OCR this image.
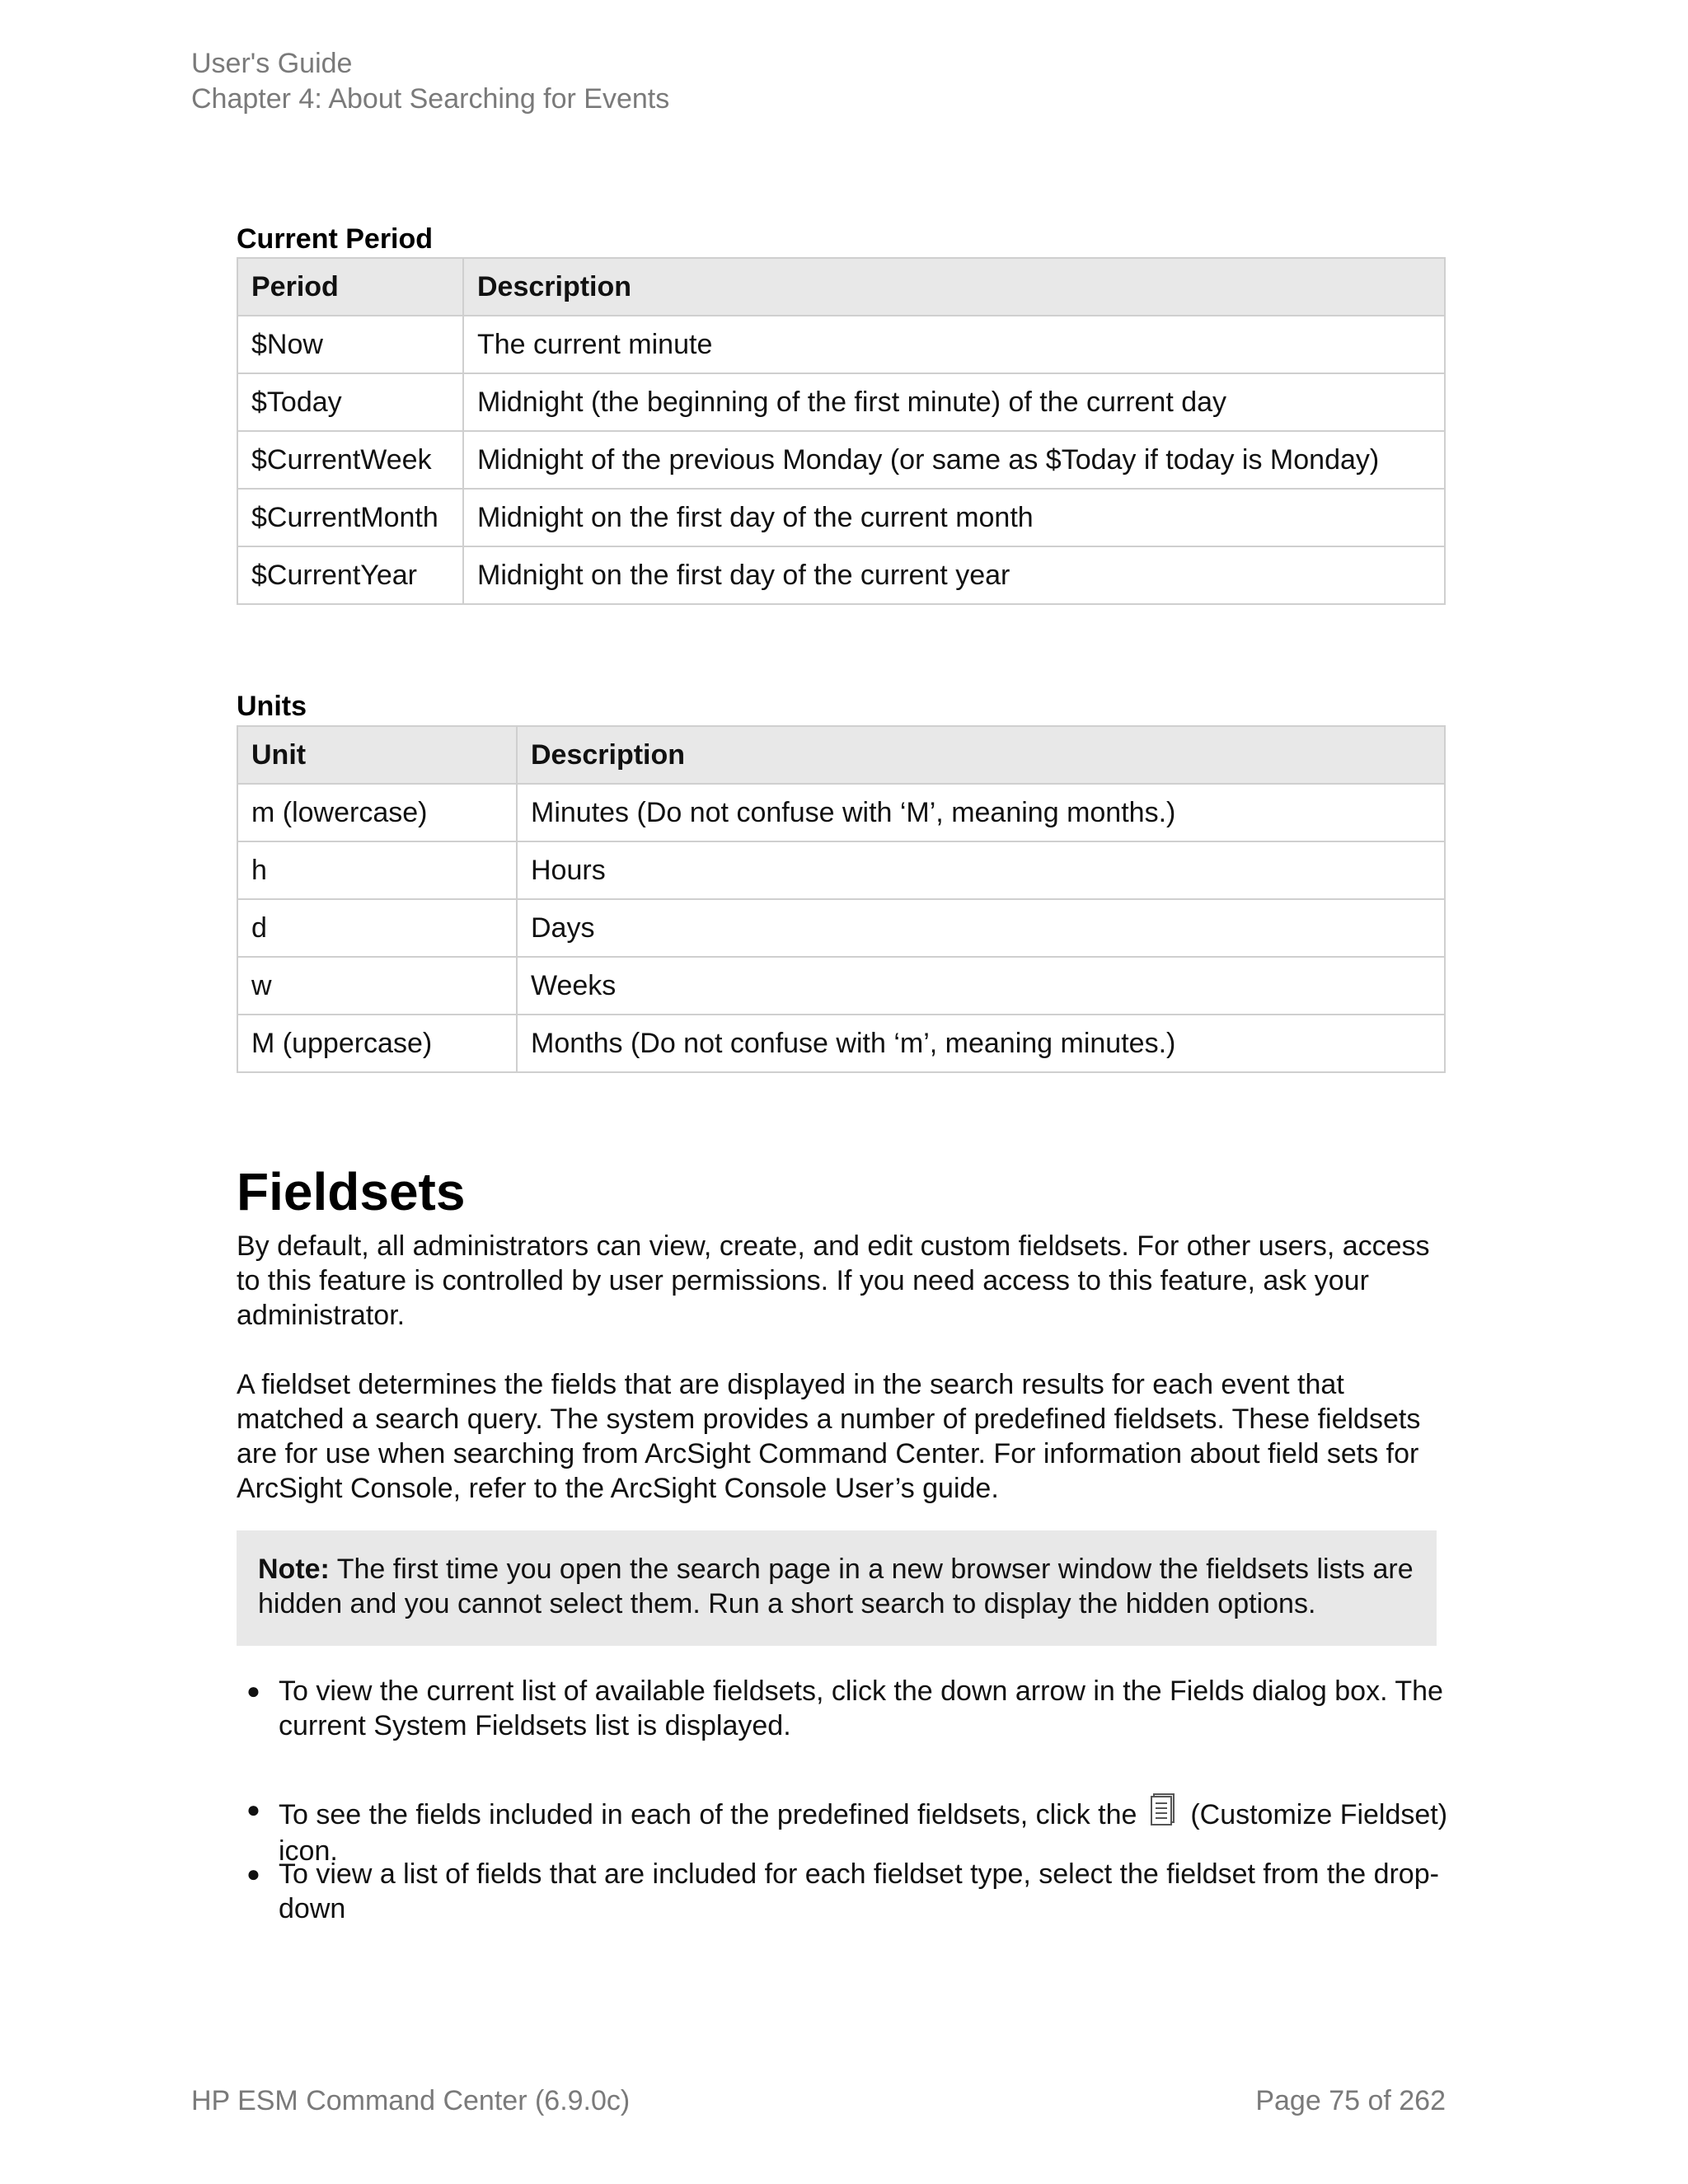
User's Guide
Chapter 4: About Searching for Events
Current Period
Period	Description
$Now	The current minute
$Today	Midnight (the beginning of the first minute) of the current day
$CurrentWeek	Midnight of the previous Monday (or same as $Today if today is Monday)
$CurrentMonth	Midnight on the first day of the current month
$CurrentYear	Midnight on the first day of the current year
Units
Unit	Description
m (lowercase)	Minutes (Do not confuse with ‘M’, meaning months.)
h	Hours
d	Days
w	Weeks
M (uppercase)	Months (Do not confuse with ‘m’, meaning minutes.)
Fieldsets

By default, all administrators can view, create, and edit custom fieldsets. For other users, access to this feature is controlled by user permissions. If you need access to this feature, ask your administrator.

A fieldset determines the fields that are displayed in the search results for each event that matched a search query. The system provides a number of predefined fieldsets. These fieldsets are for use when searching from ArcSight Command Center. For information about field sets for ArcSight Console, refer to the ArcSight Console User’s guide.

Note: The first time you open the search page in a new browser window the fieldsets lists are hidden and you cannot select them. Run a short search to display the hidden options.
● To view the current list of available fieldsets, click the down arrow in the Fields dialog box. The current System Fieldsets list is displayed.
● To see the fields included in each of the predefined fieldsets, click the (Customize Fieldset) icon.
● To view a list of fields that are included for each fieldset type, select the fieldset from the drop-down
HP ESM Command Center (6.9.0c)	Page 75 of 262
